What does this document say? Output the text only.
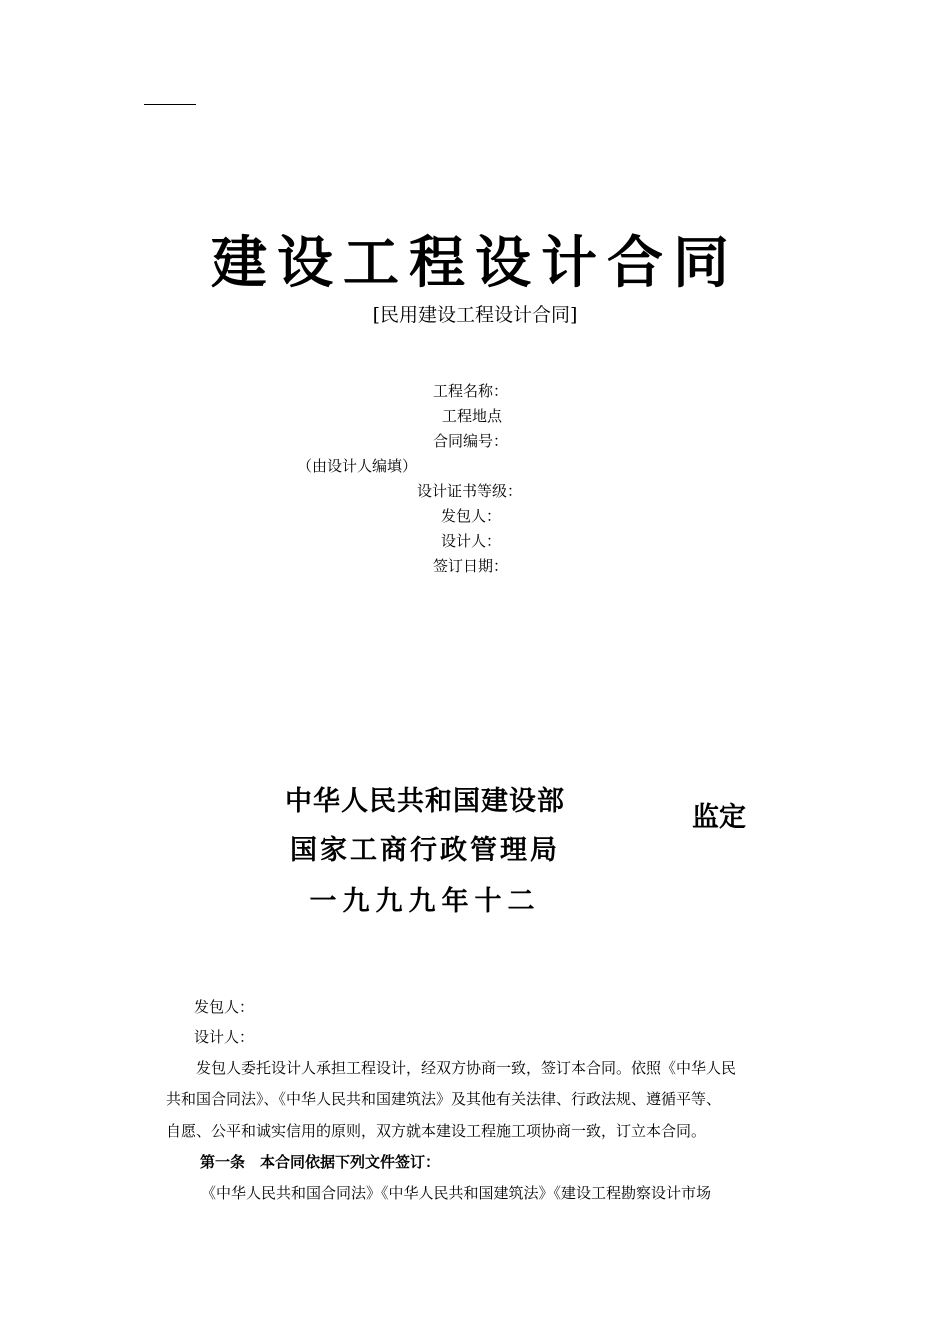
建设工程设计合同
[民用建设工程设计合同]
工程名称：
工程地点
合同编号：
（由设计人编填）
设计证书等级：
发包人：
设计人：
签订日期：
中华人民共和国建设部
国家工商行政管理局
一九九九年十二
监定
发包人：
设计人：
发包人委托设计人承担工程设计，经双方协商一致，签订本合同。依照《中华人民
共和国合同法》、《中华人民共和国建筑法》及其他有关法律、行政法规、遵循平等、
自愿、公平和诚实信用的原则，双方就本建设工程施工项协商一致，订立本合同。
第一条　本合同依据下列文件签订：
《中华人民共和国合同法》《中华人民共和国建筑法》《建设工程勘察设计市场
